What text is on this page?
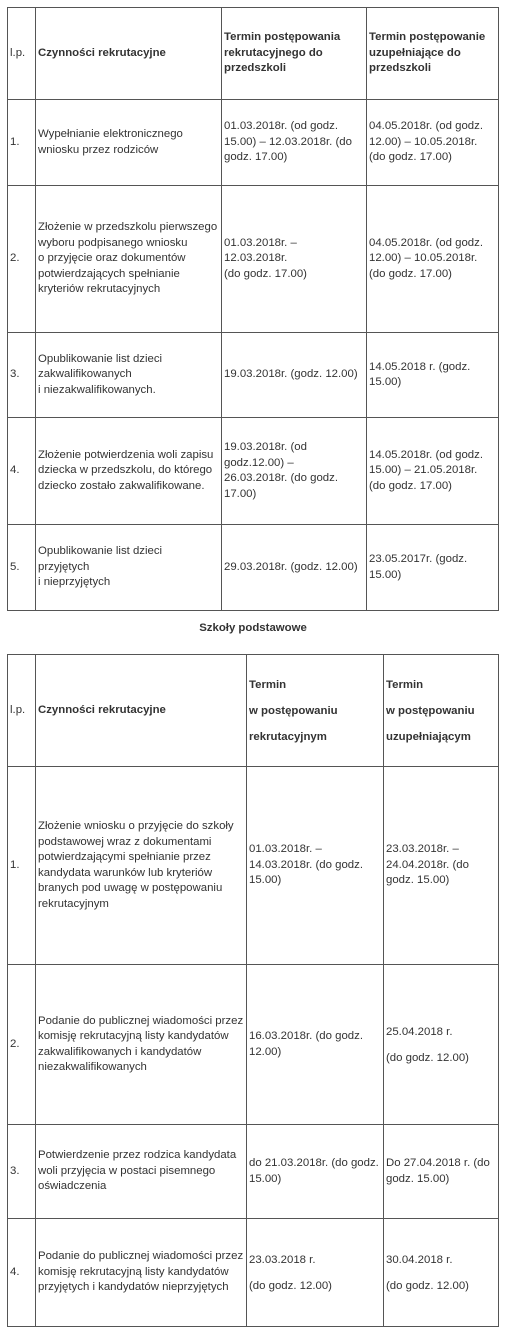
l.p.	Czynności rekrutacyjne	Termin postępowania rekrutacyjnego do przedszkoli	Termin postępowanie uzupełniające do przedszkoli
1.	Wypełnianie elektronicznego wniosku przez rodziców	01.03.2018r. (od godz. 15.00) – 12.03.2018r. (do godz. 17.00)	04.05.2018r. (od godz. 12.00) – 10.05.2018r. (do godz. 17.00)
2.	Złożenie w przedszkolu pierwszego wyboru podpisanego wniosku
o przyjęcie oraz dokumentów potwierdzających spełnianie kryteriów rekrutacyjnych	01.03.2018r. –
12.03.2018r.
(do godz. 17.00)	04.05.2018r. (od godz. 12.00) – 10.05.2018r. (do godz. 17.00)
3.	Opublikowanie list dzieci zakwalifikowanych
i niezakwalifikowanych.	19.03.2018r. (godz. 12.00)	14.05.2018 r. (godz. 15.00)
4.	Złożenie potwierdzenia woli zapisu dziecka w przedszkolu, do którego dziecko zostało zakwalifikowane.	19.03.2018r. (od godz.12.00) –
26.03.2018r. (do godz. 17.00)	14.05.2018r. (od godz. 15.00) – 21.05.2018r. (do godz. 17.00)
5.	Opublikowanie list dzieci
przyjętych
i nieprzyjętych	29.03.2018r. (godz. 12.00)	23.05.2017r. (godz. 15.00)
Szkoły podstawowe
l.p.	Czynności rekrutacyjne	Termin
w postępowaniu
rekrutacyjnym	Termin
w postępowaniu
uzupełniającym
1.	Złożenie wniosku o przyjęcie do szkoły podstawowej wraz z dokumentami potwierdzającymi spełnianie przez kandydata warunków lub kryteriów branych pod uwagę w postępowaniu rekrutacyjnym	01.03.2018r. –
14.03.2018r. (do godz. 15.00)	23.03.2018r. –
24.04.2018r. (do godz. 15.00)
2.	Podanie do publicznej wiadomości przez komisję rekrutacyjną listy kandydatów zakwalifikowanych i kandydatów niezakwalifikowanych	16.03.2018r. (do godz. 12.00)	25.04.2018 r.
(do godz. 12.00)
3.	Potwierdzenie przez rodzica kandydata woli przyjęcia w postaci pisemnego oświadczenia	do 21.03.2018r. (do godz. 15.00)	Do 27.04.2018 r. (do godz. 15.00)
4.	Podanie do publicznej wiadomości przez komisję rekrutacyjną listy kandydatów przyjętych i kandydatów nieprzyjętych	23.03.2018 r.
(do godz. 12.00)	30.04.2018 r.
(do godz. 12.00)
